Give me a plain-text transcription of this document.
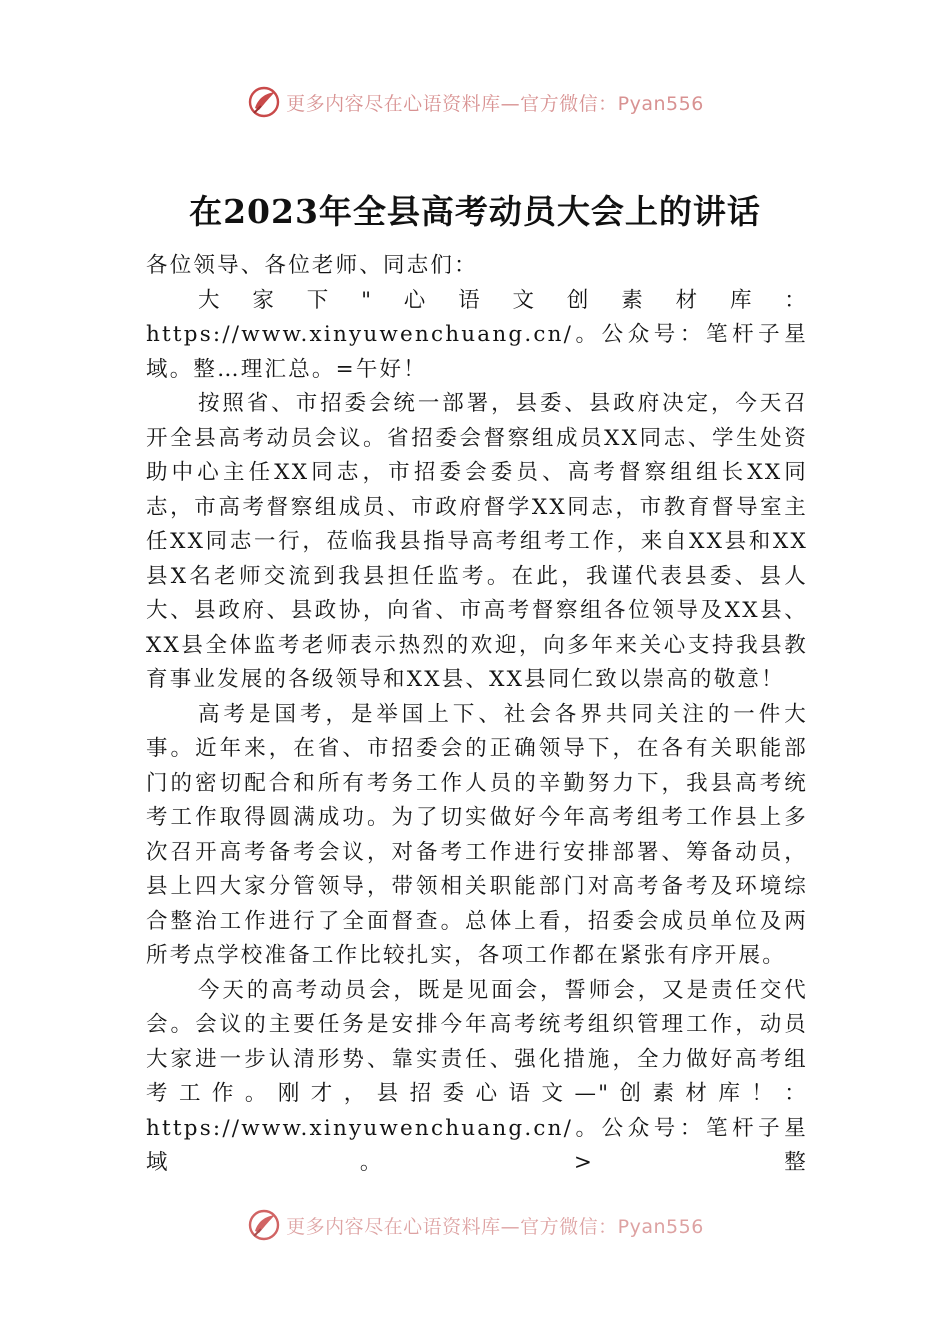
更多内容尽在心语资料库—官方微信：Pyan556
在2023年全县高考动员大会上的讲话

各位领导、各位老师、同志们：

大家下"心语文创素材库：https://www.xinyuwenchuang.cn/。公众号：笔杆子星域。整…理汇总。=午好！

按照省、市招委会统一部署，县委、县政府决定，今天召开全县高考动员会议。省招委会督察组成员XX同志、学生处资助中心主任XX同志，市招委会委员、高考督察组组长XX同志，市高考督察组成员、市政府督学XX同志，市教育督导室主任XX同志一行，莅临我县指导高考组考工作，来自XX县和XX县X名老师交流到我县担任监考。在此，我谨代表县委、县人大、县政府、县政协，向省、市高考督察组各位领导及XX县、XX县全体监考老师表示热烈的欢迎，向多年来关心支持我县教育事业发展的各级领导和XX县、XX县同仁致以崇高的敬意！

高考是国考，是举国上下、社会各界共同关注的一件大事。近年来，在省、市招委会的正确领导下，在各有关职能部门的密切配合和所有考务工作人员的辛勤努力下，我县高考统考工作取得圆满成功。为了切实做好今年高考组考工作县上多次召开高考备考会议，对备考工作进行安排部署、筹备动员，县上四大家分管领导，带领相关职能部门对高考备考及环境综合整治工作进行了全面督查。总体上看，招委会成员单位及两所考点学校准备工作比较扎实，各项工作都在紧张有序开展。

今天的高考动员会，既是见面会，誓师会，又是责任交代会。会议的主要任务是安排今年高考统考组织管理工作，动员大家进一步认清形势、靠实责任、强化措施，全力做好高考组考工作。刚才，县招委心语文—"创素材库！：https://www.xinyuwenchuang.cn/。公众号：笔杆子星域。>整

更多内容尽在心语资料库—官方微信：Pyan556
